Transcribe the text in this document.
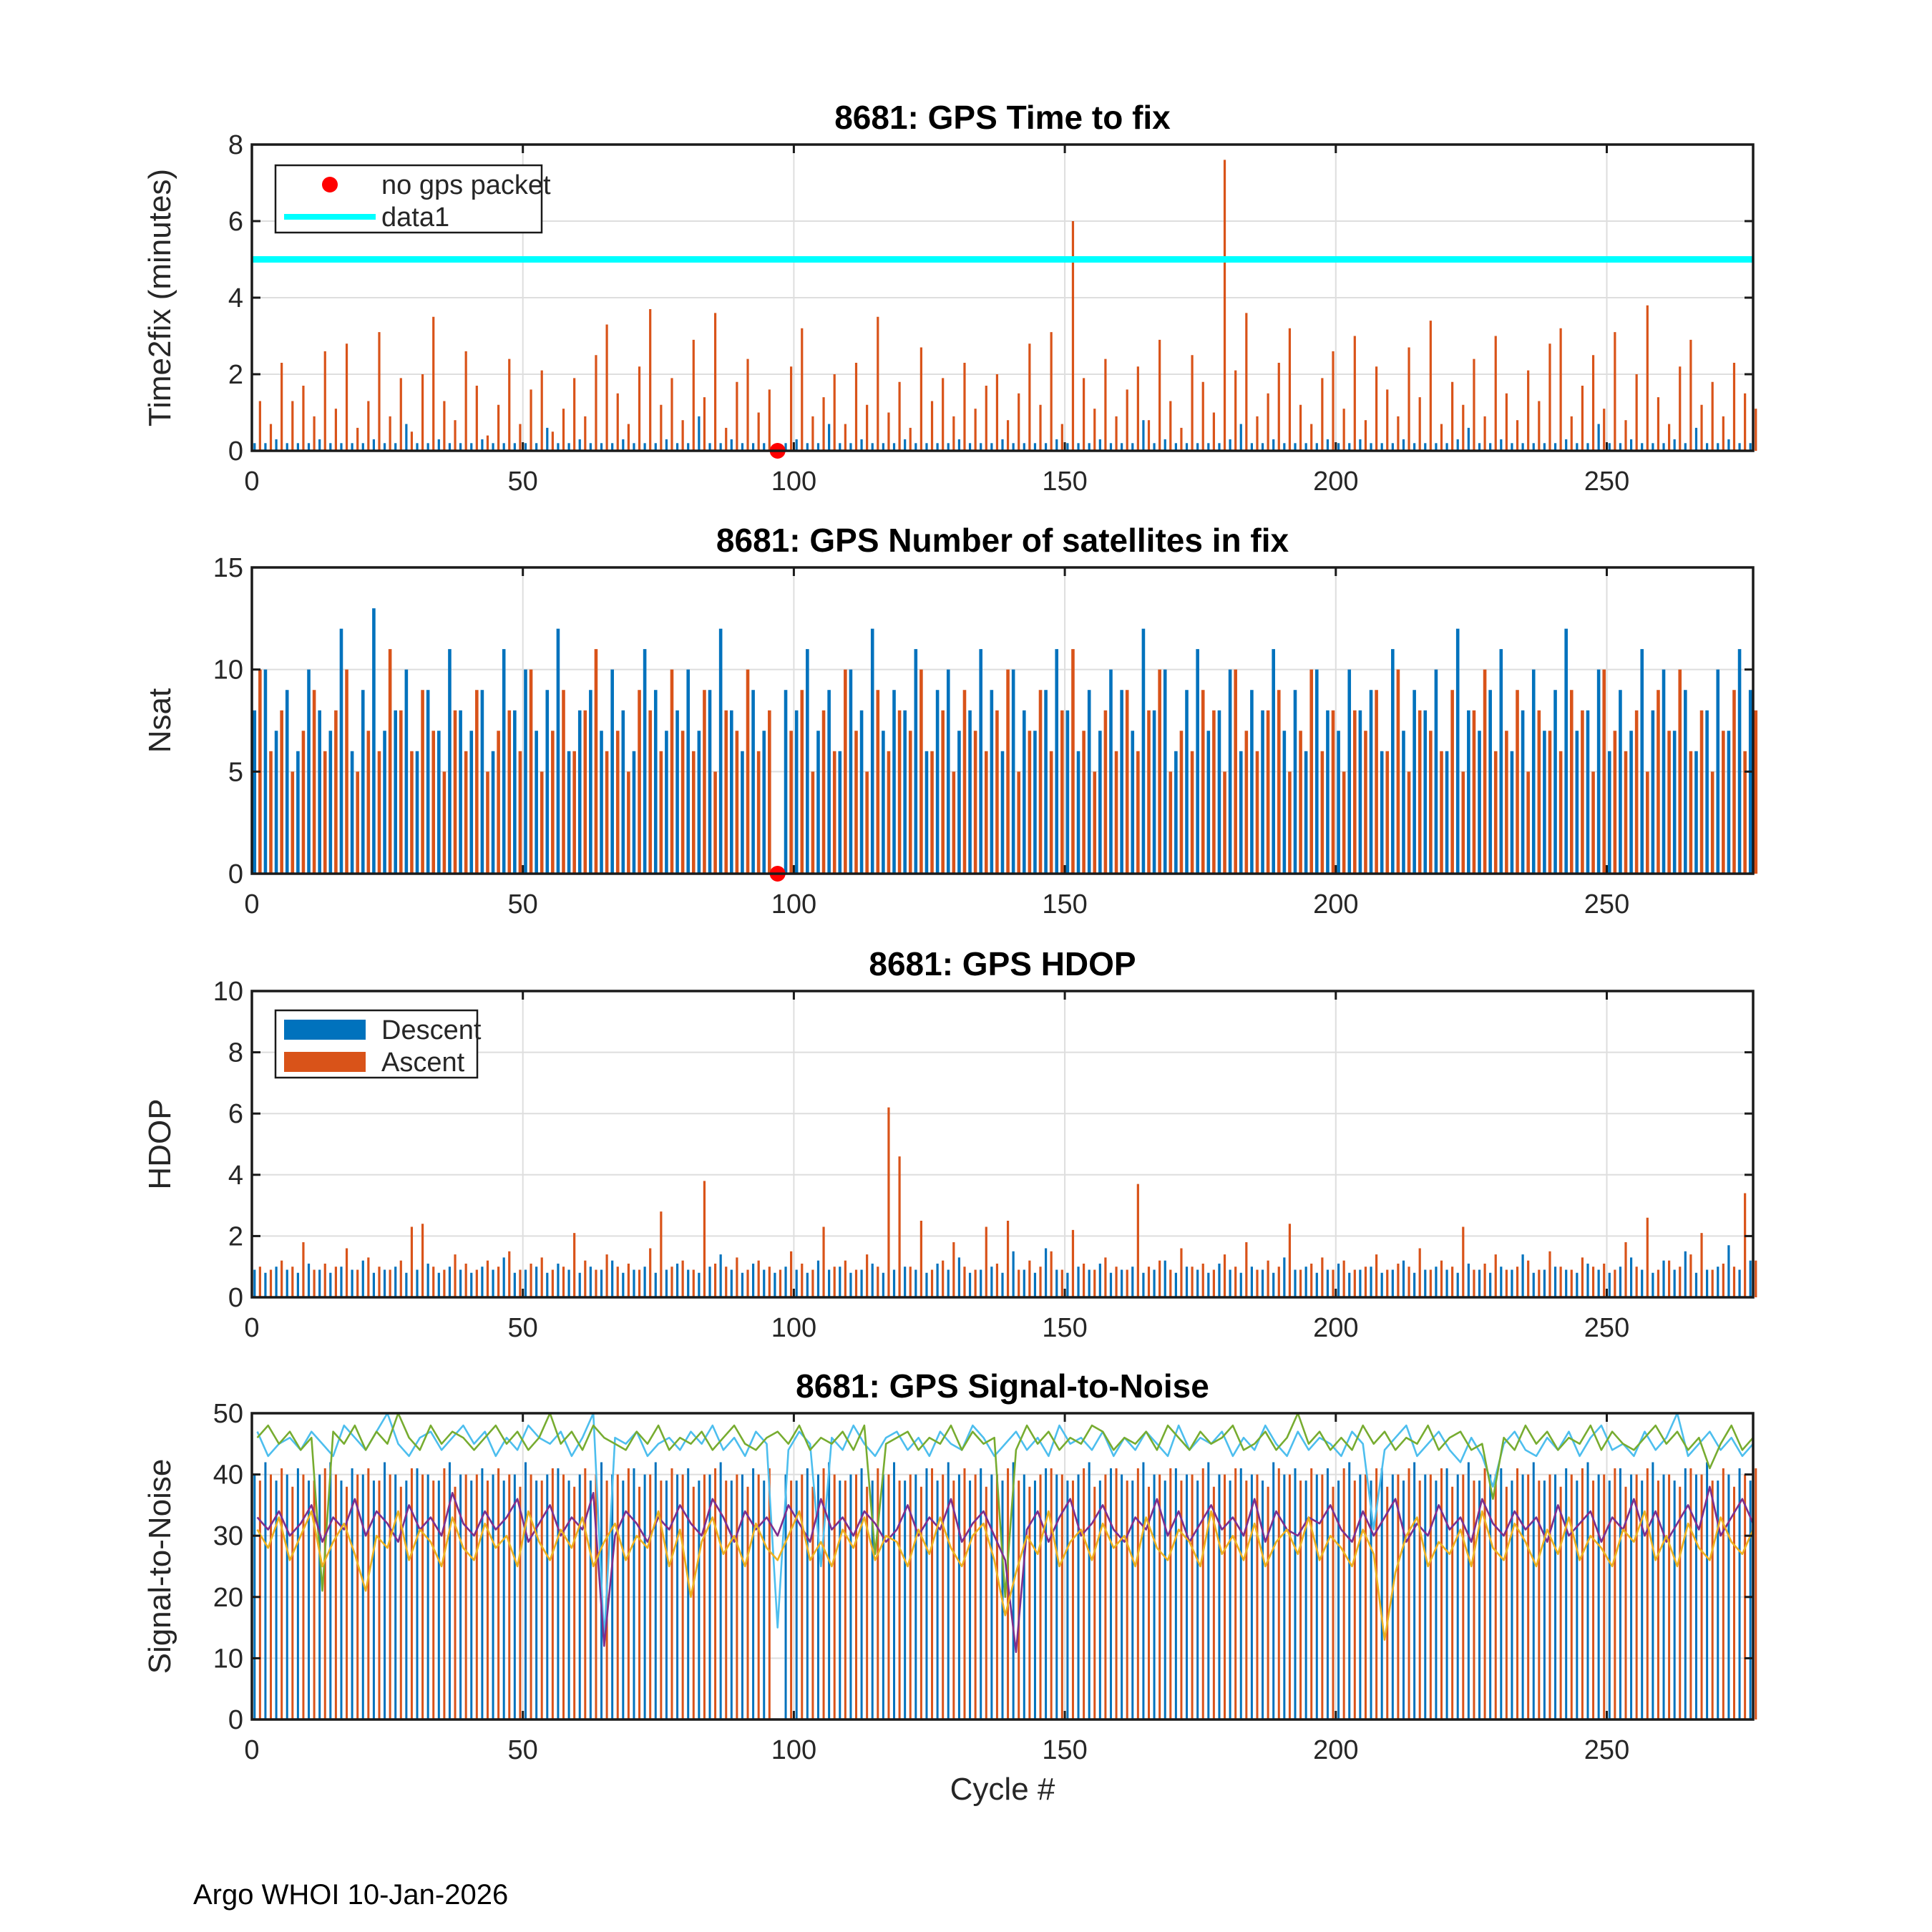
0	50	100	150	200	250
0
2
4
6
8
8681: GPS Time to fix
Time2fix (minutes)	no gps packet
data1
0	50	100	150	200	250
0
5
10
15
8681: GPS Number of satellites in fix
Nsat
0	50	100	150	200	250
0
2
4
6
8
10
8681: GPS HDOP
HDOP
Descent
Ascent
0	50	100	150	200	250
0
10
20
30
40
50
8681: GPS Signal-to-Noise
Signal-to-Noise
Cycle #
Argo WHOI 10-Jan-2026
